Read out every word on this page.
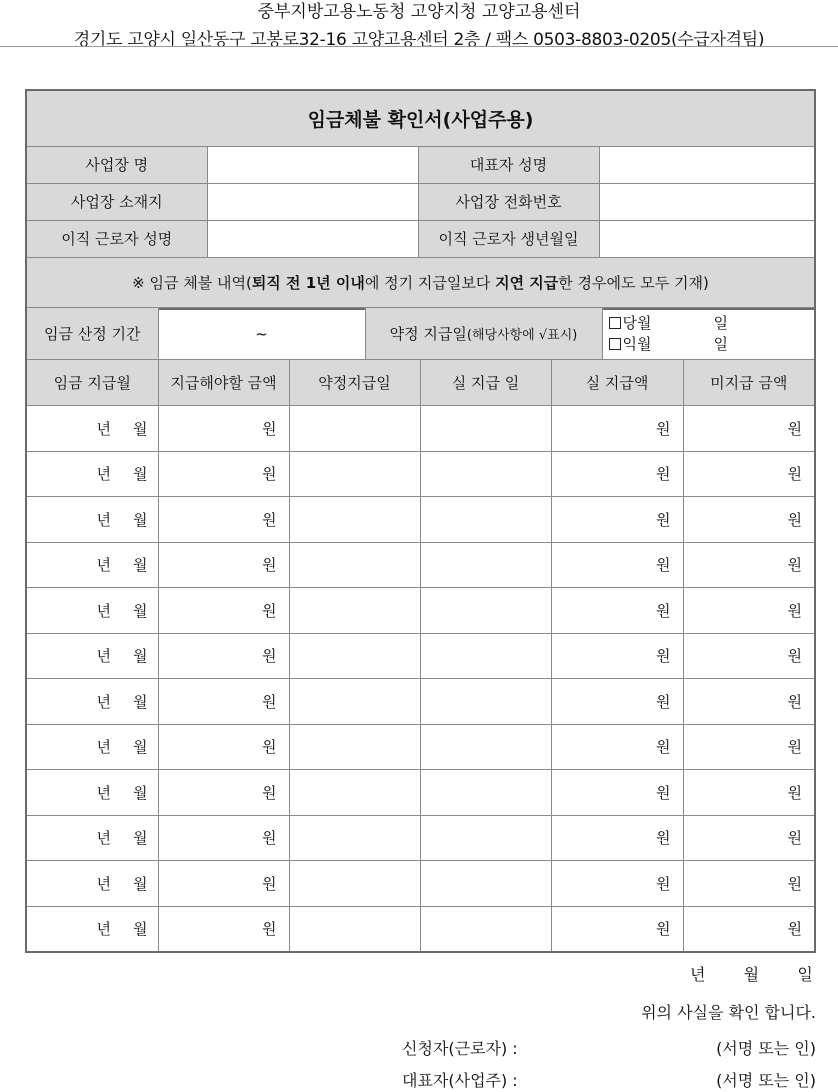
중부지방고용노동청 고양지청 고양고용센터
경기도 고양시 일산동구 고봉로32-16 고양고용센터 2층 / 팩스 0503-8803-0205(수급자격팀)
임금체불 확인서(사업주용)			
사업장 명		대표자 성명	
사업장 소재지		사업장 전화번호	
이직 근로자 성명		이직 근로자 생년월일	
※ 임금 체불 내역(퇴직 전 1년 이내에 정기 지급일보다 지연 지급한 경우에도 모두 기재)			
임금 산정 기간	~	약정 지급일(해당사항에 √표시)	
당월	일
익월	일
임금 지급월	지급해야할 금액	약정지급일	실 지급 일	실 지급액	미지급 금액
년 월	원			원	원
년 월	원			원	원
년 월	원			원	원
년 월	원			원	원
년 월	원			원	원
년 월	원			원	원
년 월	원			원	원
년 월	원			원	원
년 월	원			원	원
년 월	원			원	원
년 월	원			원	원
년 월	원			원	원
년 월 일
위의 사실을 확인 합니다.
신청자(근로자) :	(서명 또는 인)
대표자(사업주) :	(서명 또는 인)
